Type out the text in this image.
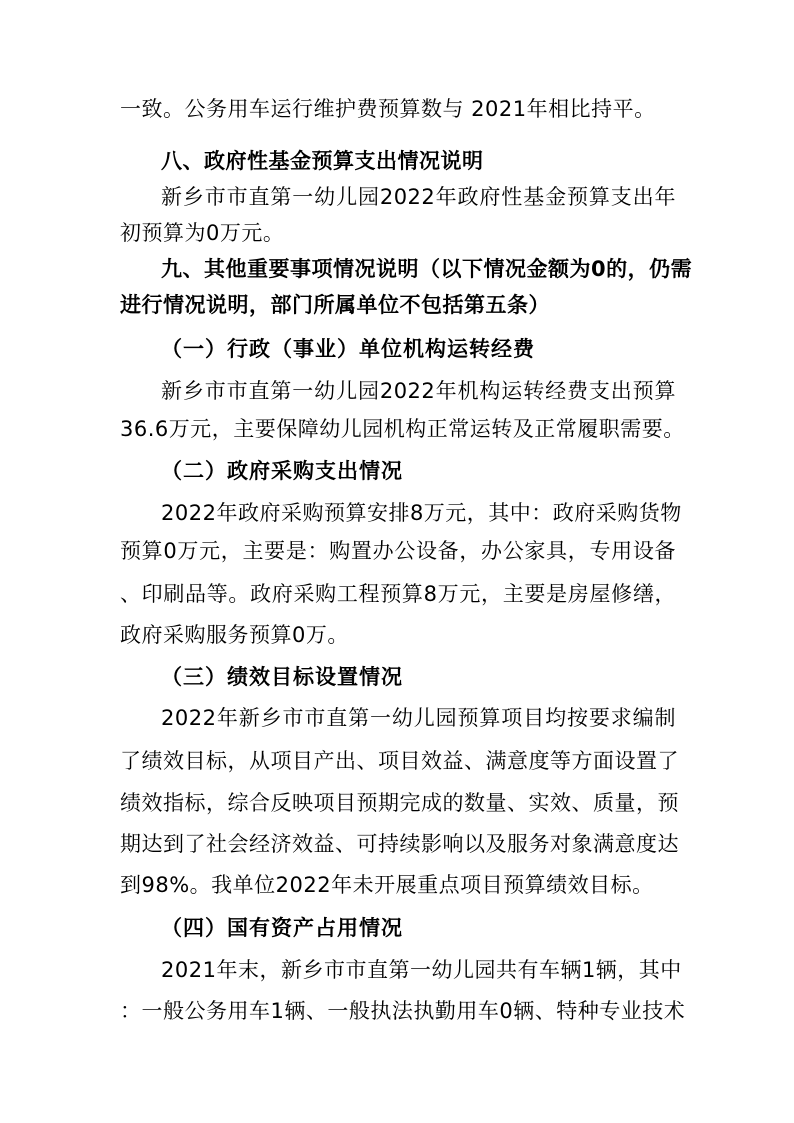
一致。公务用车运行维护费预算数与 2021年相比持平。
八、政府性基金预算支出情况说明
新乡市市直第一幼儿园2022年政府性基金预算支出年
初预算为0万元。
九、其他重要事项情况说明（以下情况金额为0的，仍需
进行情况说明，部门所属单位不包括第五条）
（一）行政（事业）单位机构运转经费
新乡市市直第一幼儿园2022年机构运转经费支出预算
36.6万元，主要保障幼儿园机构正常运转及正常履职需要。
（二）政府采购支出情况
2022年政府采购预算安排8万元，其中：政府采购货物
预算0万元，主要是：购置办公设备，办公家具，专用设备
、印刷品等。政府采购工程预算8万元，主要是房屋修缮，
政府采购服务预算0万。
（三）绩效目标设置情况
2022年新乡市市直第一幼儿园预算项目均按要求编制
了绩效目标，从项目产出、项目效益、满意度等方面设置了
绩效指标，综合反映项目预期完成的数量、实效、质量，预
期达到了社会经济效益、可持续影响以及服务对象满意度达
到98%。我单位2022年未开展重点项目预算绩效目标。
（四）国有资产占用情况
2021年末，新乡市市直第一幼儿园共有车辆1辆，其中
：一般公务用车1辆、一般执法执勤用车0辆、特种专业技术
